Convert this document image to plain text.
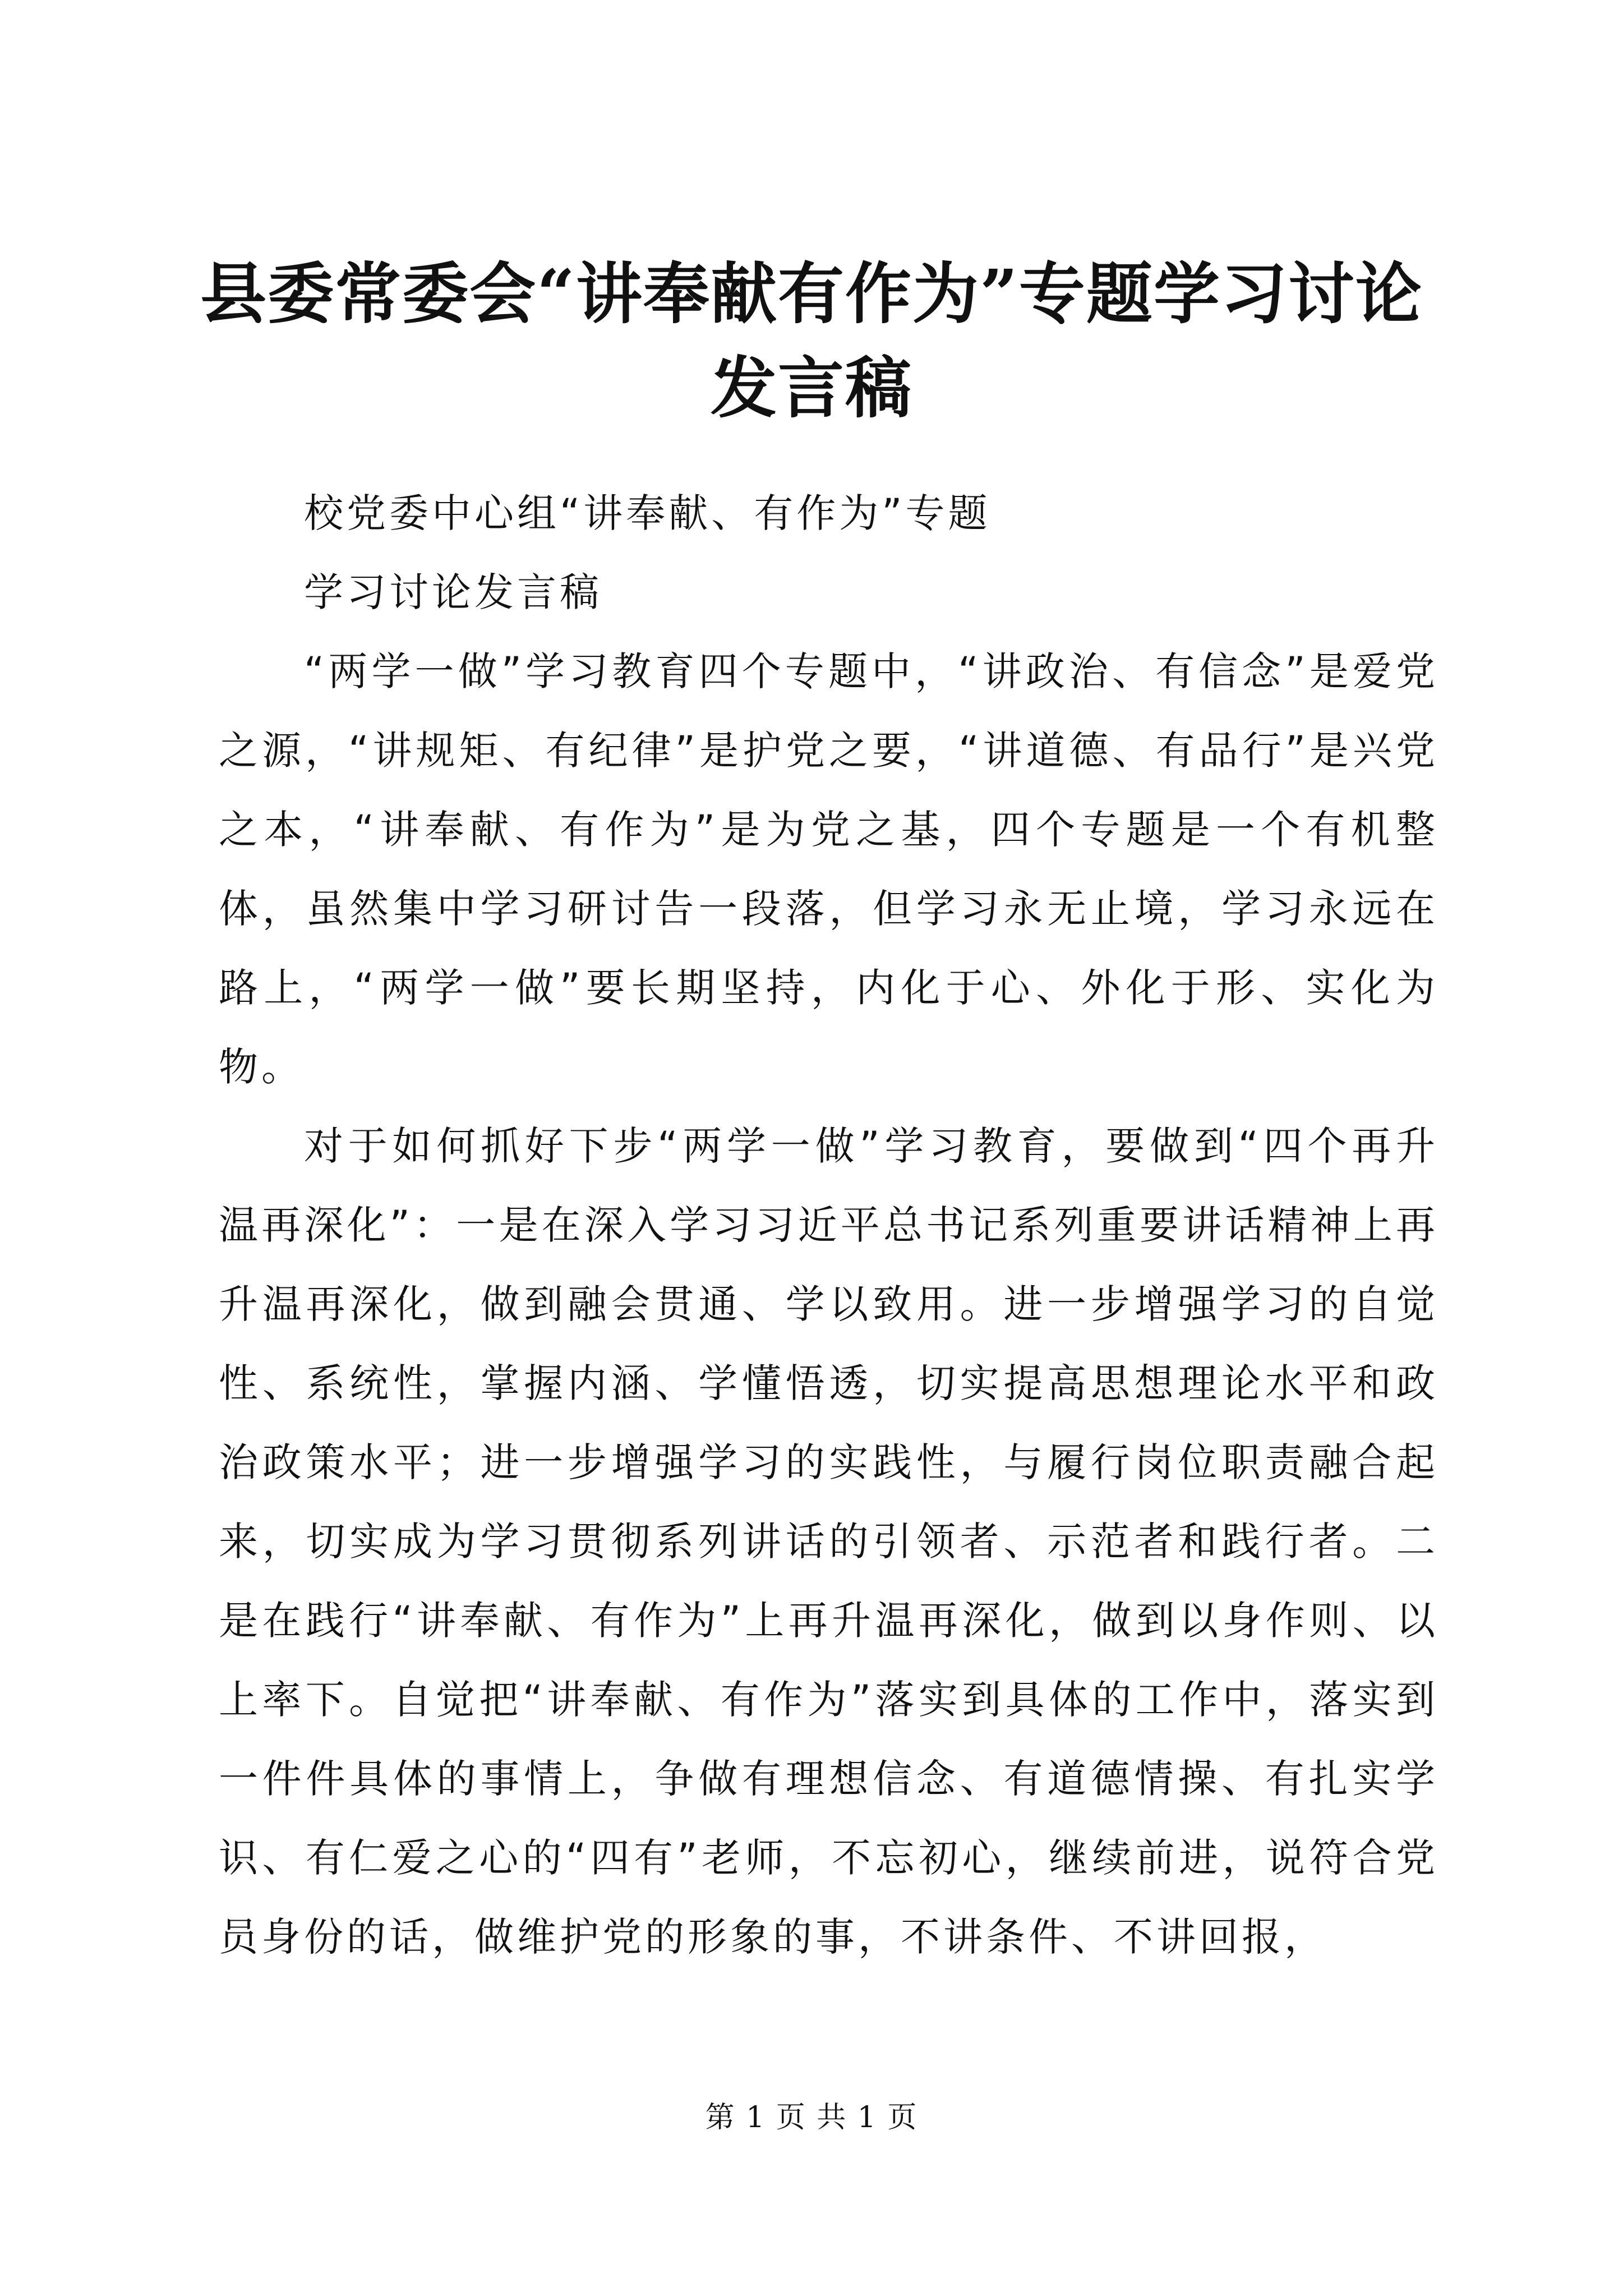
县委常委会“讲奉献有作为”专题学习讨论发言稿

校党委中心组“讲奉献、有作为”专题

学习讨论发言稿

“两学一做”学习教育四个专题中，“讲政治、有信念”是爱党之源，“讲规矩、有纪律”是护党之要，“讲道德、有品行”是兴党之本，“讲奉献、有作为”是为党之基，四个专题是一个有机整体，虽然集中学习研讨告一段落，但学习永无止境，学习永远在路上，“两学一做”要长期坚持，内化于心、外化于形、实化为物。

对于如何抓好下步“两学一做”学习教育，要做到“四个再升温再深化”：一是在深入学习习近平总书记系列重要讲话精神上再升温再深化，做到融会贯通、学以致用。进一步增强学习的自觉性、系统性，掌握内涵、学懂悟透，切实提高思想理论水平和政治政策水平；进一步增强学习的实践性，与履行岗位职责融合起来，切实成为学习贯彻系列讲话的引领者、示范者和践行者。二是在践行“讲奉献、有作为”上再升温再深化，做到以身作则、以上率下。自觉把“讲奉献、有作为”落实到具体的工作中，落实到一件件具体的事情上，争做有理想信念、有道德情操、有扎实学识、有仁爱之心的“四有”老师，不忘初心，继续前进，说符合党员身份的话，做维护党的形象的事，不讲条件、不讲回报，

第 1 页 共 1 页
